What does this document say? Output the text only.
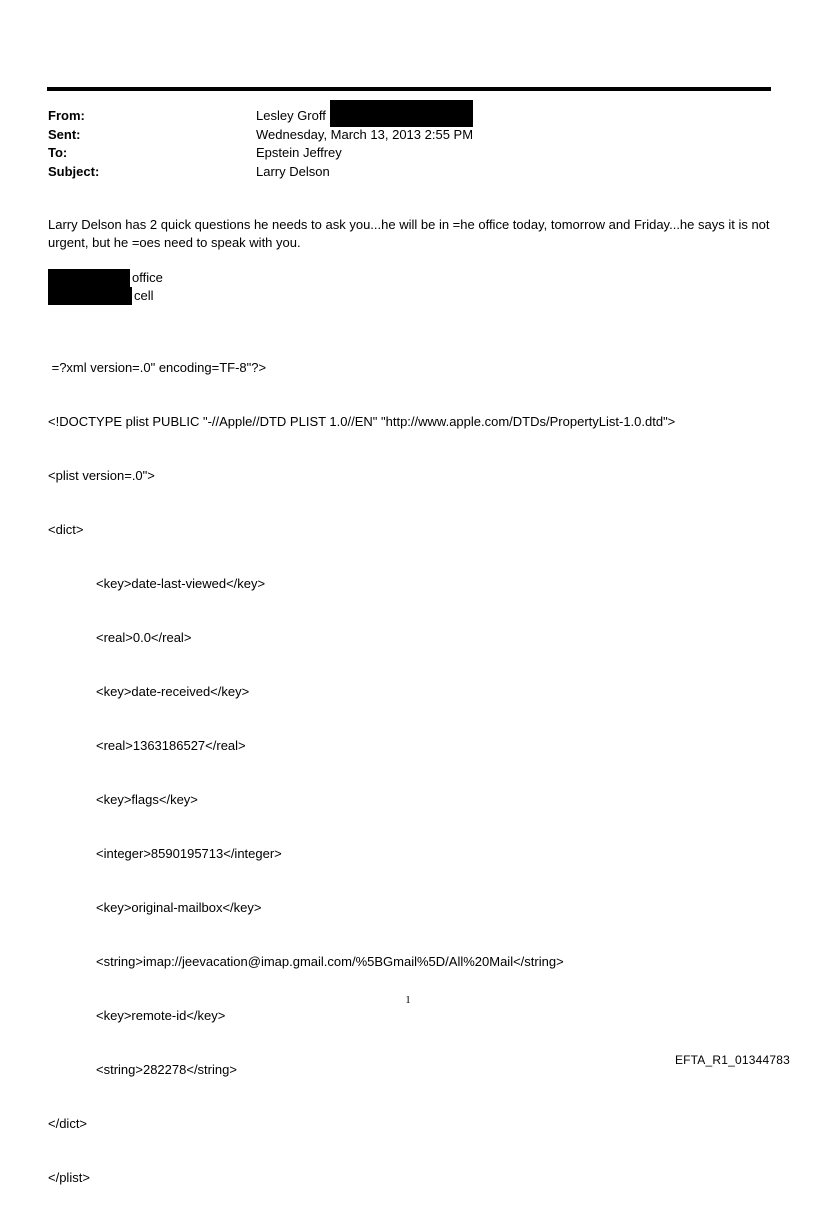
From:	Lesley Groff
Sent:	Wednesday, March 13, 2013 2:55 PM
To:	Epstein Jeffrey
Subject:	Larry Delson
Larry Delson has 2 quick questions he needs to ask you...he will be in =he office today, tomorrow and Friday...he says it is not urgent, but he =oes need to speak with you.
office
cell

=?xml version=.0" encoding=TF-8"?>

<!DOCTYPE plist PUBLIC "-//Apple//DTD PLIST 1.0//EN" "http://www.apple.com/DTDs/PropertyList-1.0.dtd">

<plist version=.0">

<dict>

<key>date-last-viewed</key>

<real>0.0</real>

<key>date-received</key>

<real>1363186527</real>

<key>flags</key>

<integer>8590195713</integer>

<key>original-mailbox</key>

<string>imap://jeevacation@imap.gmail.com/%5BGmail%5D/All%20Mail</string>

<key>remote-id</key>

<string>282278</string>

</dict>

</plist>

1
EFTA_R1_01344783
